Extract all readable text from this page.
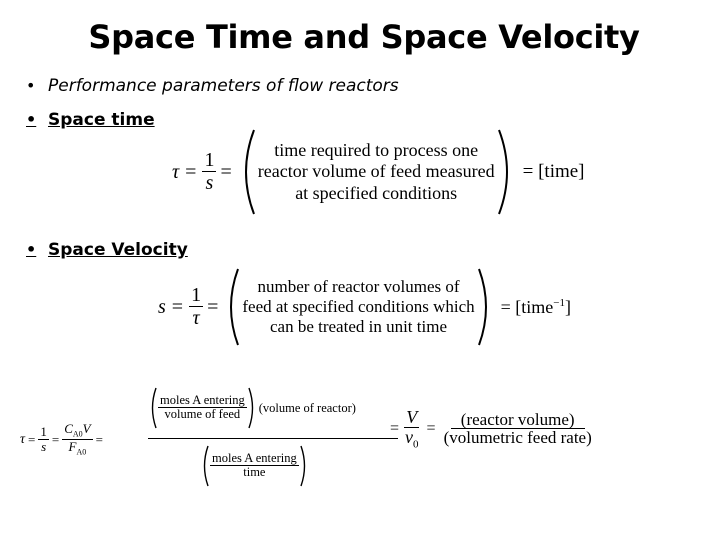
Space Time and Space Velocity
• Performance parameters of flow reactors
• Space time
$\tau = \frac{1}{s}$ =
time required to process one
reactor volume of feed measured
at specified conditions
= [time]
• Space Velocity
$s = \frac{1}{\tau}$ =
number of reactor volumes of
feed at specified conditions which
can be treated in unit time
= [time$^{-1}$]
$\tau = \frac{1}{s} = \frac{C_{A0}V}{F_{A0}}$ =
$\frac{\text{moles A entering}}{\text{volume of feed}}$ (volume of reactor)
$\frac{\text{moles A entering}}{\text{time}}$
= $\frac{V}{v_0} = \frac{\text{(reactor volume)}}{\text{(volumetric feed rate)}}$
